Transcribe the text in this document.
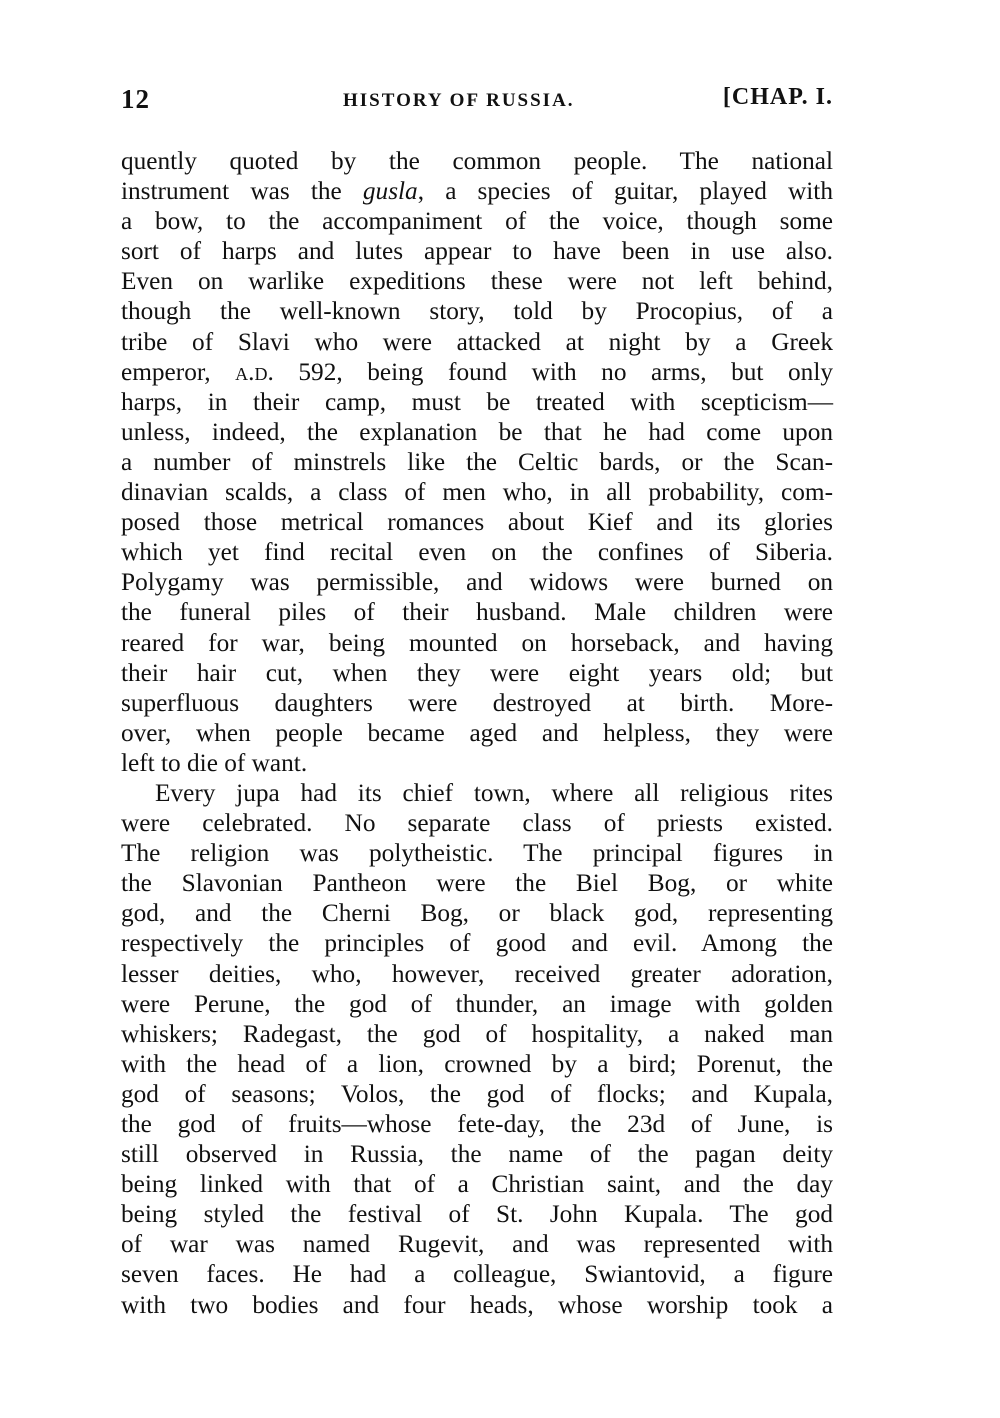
12	HISTORY OF RUSSIA.	[CHAP. I.
quently quoted by the common people. The national
instrument was the gusla, a species of guitar, played with
a bow, to the accompaniment of the voice, though some
sort of harps and lutes appear to have been in use also.
Even on warlike expeditions these were not left behind,
though the well-known story, told by Procopius, of a
tribe of Slavi who were attacked at night by a Greek
emperor, a.d. 592, being found with no arms, but only
harps, in their camp, must be treated with scepticism—
unless, indeed, the explanation be that he had come upon
a number of minstrels like the Celtic bards, or the Scan-
dinavian scalds, a class of men who, in all probability, com-
posed those metrical romances about Kief and its glories
which yet find recital even on the confines of Siberia.
Polygamy was permissible, and widows were burned on
the funeral piles of their husband. Male children were
reared for war, being mounted on horseback, and having
their hair cut, when they were eight years old; but
superfluous daughters were destroyed at birth. More-
over, when people became aged and helpless, they were
left to die of want.
Every jupa had its chief town, where all religious rites
were celebrated. No separate class of priests existed.
The religion was polytheistic. The principal figures in
the Slavonian Pantheon were the Biel Bog, or white
god, and the Cherni Bog, or black god, representing
respectively the principles of good and evil. Among the
lesser deities, who, however, received greater adoration,
were Perune, the god of thunder, an image with golden
whiskers; Radegast, the god of hospitality, a naked man
with the head of a lion, crowned by a bird; Porenut, the
god of seasons; Volos, the god of flocks; and Kupala,
the god of fruits—whose fete-day, the 23d of June, is
still observed in Russia, the name of the pagan deity
being linked with that of a Christian saint, and the day
being styled the festival of St. John Kupala. The god
of war was named Rugevit, and was represented with
seven faces. He had a colleague, Swiantovid, a figure
with two bodies and four heads, whose worship took a
